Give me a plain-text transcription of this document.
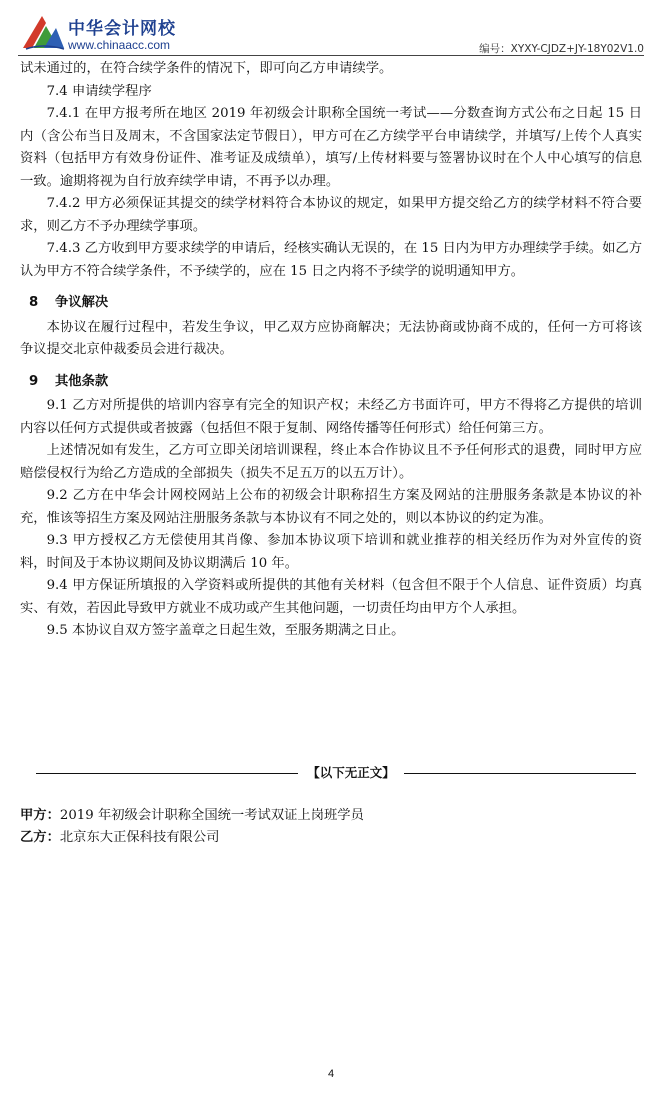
中华会计网校
www.chinaacc.com	编号：XYXY-CJDZ+JY-18Y02V1.0

试未通过的，在符合续学条件的情况下，即可向乙方申请续学。

7.4 申请续学程序

7.4.1 在甲方报考所在地区 2019 年初级会计职称全国统一考试——分数查询方式公布之日起 15 日内（含公布当日及周末，不含国家法定节假日），甲方可在乙方续学平台申请续学，并填写/上传个人真实资料（包括甲方有效身份证件、准考证及成绩单），填写/上传材料要与签署协议时在个人中心填写的信息一致。逾期将视为自行放弃续学申请，不再予以办理。

7.4.2 甲方必须保证其提交的续学材料符合本协议的规定，如果甲方提交给乙方的续学材料不符合要求，则乙方不予办理续学事项。

7.4.3 乙方收到甲方要求续学的申请后，经核实确认无误的，在 15 日内为甲方办理续学手续。如乙方认为甲方不符合续学条件，不予续学的，应在 15 日之内将不予续学的说明通知甲方。

8 争议解决

本协议在履行过程中，若发生争议，甲乙双方应协商解决；无法协商或协商不成的，任何一方可将该争议提交北京仲裁委员会进行裁决。

9 其他条款

9.1 乙方对所提供的培训内容享有完全的知识产权；未经乙方书面许可，甲方不得将乙方提供的培训内容以任何方式提供或者披露（包括但不限于复制、网络传播等任何形式）给任何第三方。

上述情况如有发生，乙方可立即关闭培训课程，终止本合作协议且不予任何形式的退费，同时甲方应赔偿侵权行为给乙方造成的全部损失（损失不足五万的以五万计）。

9.2 乙方在中华会计网校网站上公布的初级会计职称招生方案及网站的注册服务条款是本协议的补充，惟该等招生方案及网站注册服务条款与本协议有不同之处的，则以本协议的约定为准。

9.3 甲方授权乙方无偿使用其肖像、参加本协议项下培训和就业推荐的相关经历作为对外宣传的资料，时间及于本协议期间及协议期满后 10 年。

9.4 甲方保证所填报的入学资料或所提供的其他有关材料（包含但不限于个人信息、证件资质）均真实、有效，若因此导致甲方就业不成功或产生其他问题，一切责任均由甲方个人承担。

9.5 本协议自双方签字盖章之日起生效，至服务期满之日止。

【以下无正文】
甲方：2019 年初级会计职称全国统一考试双证上岗班学员
乙方：北京东大正保科技有限公司
4
